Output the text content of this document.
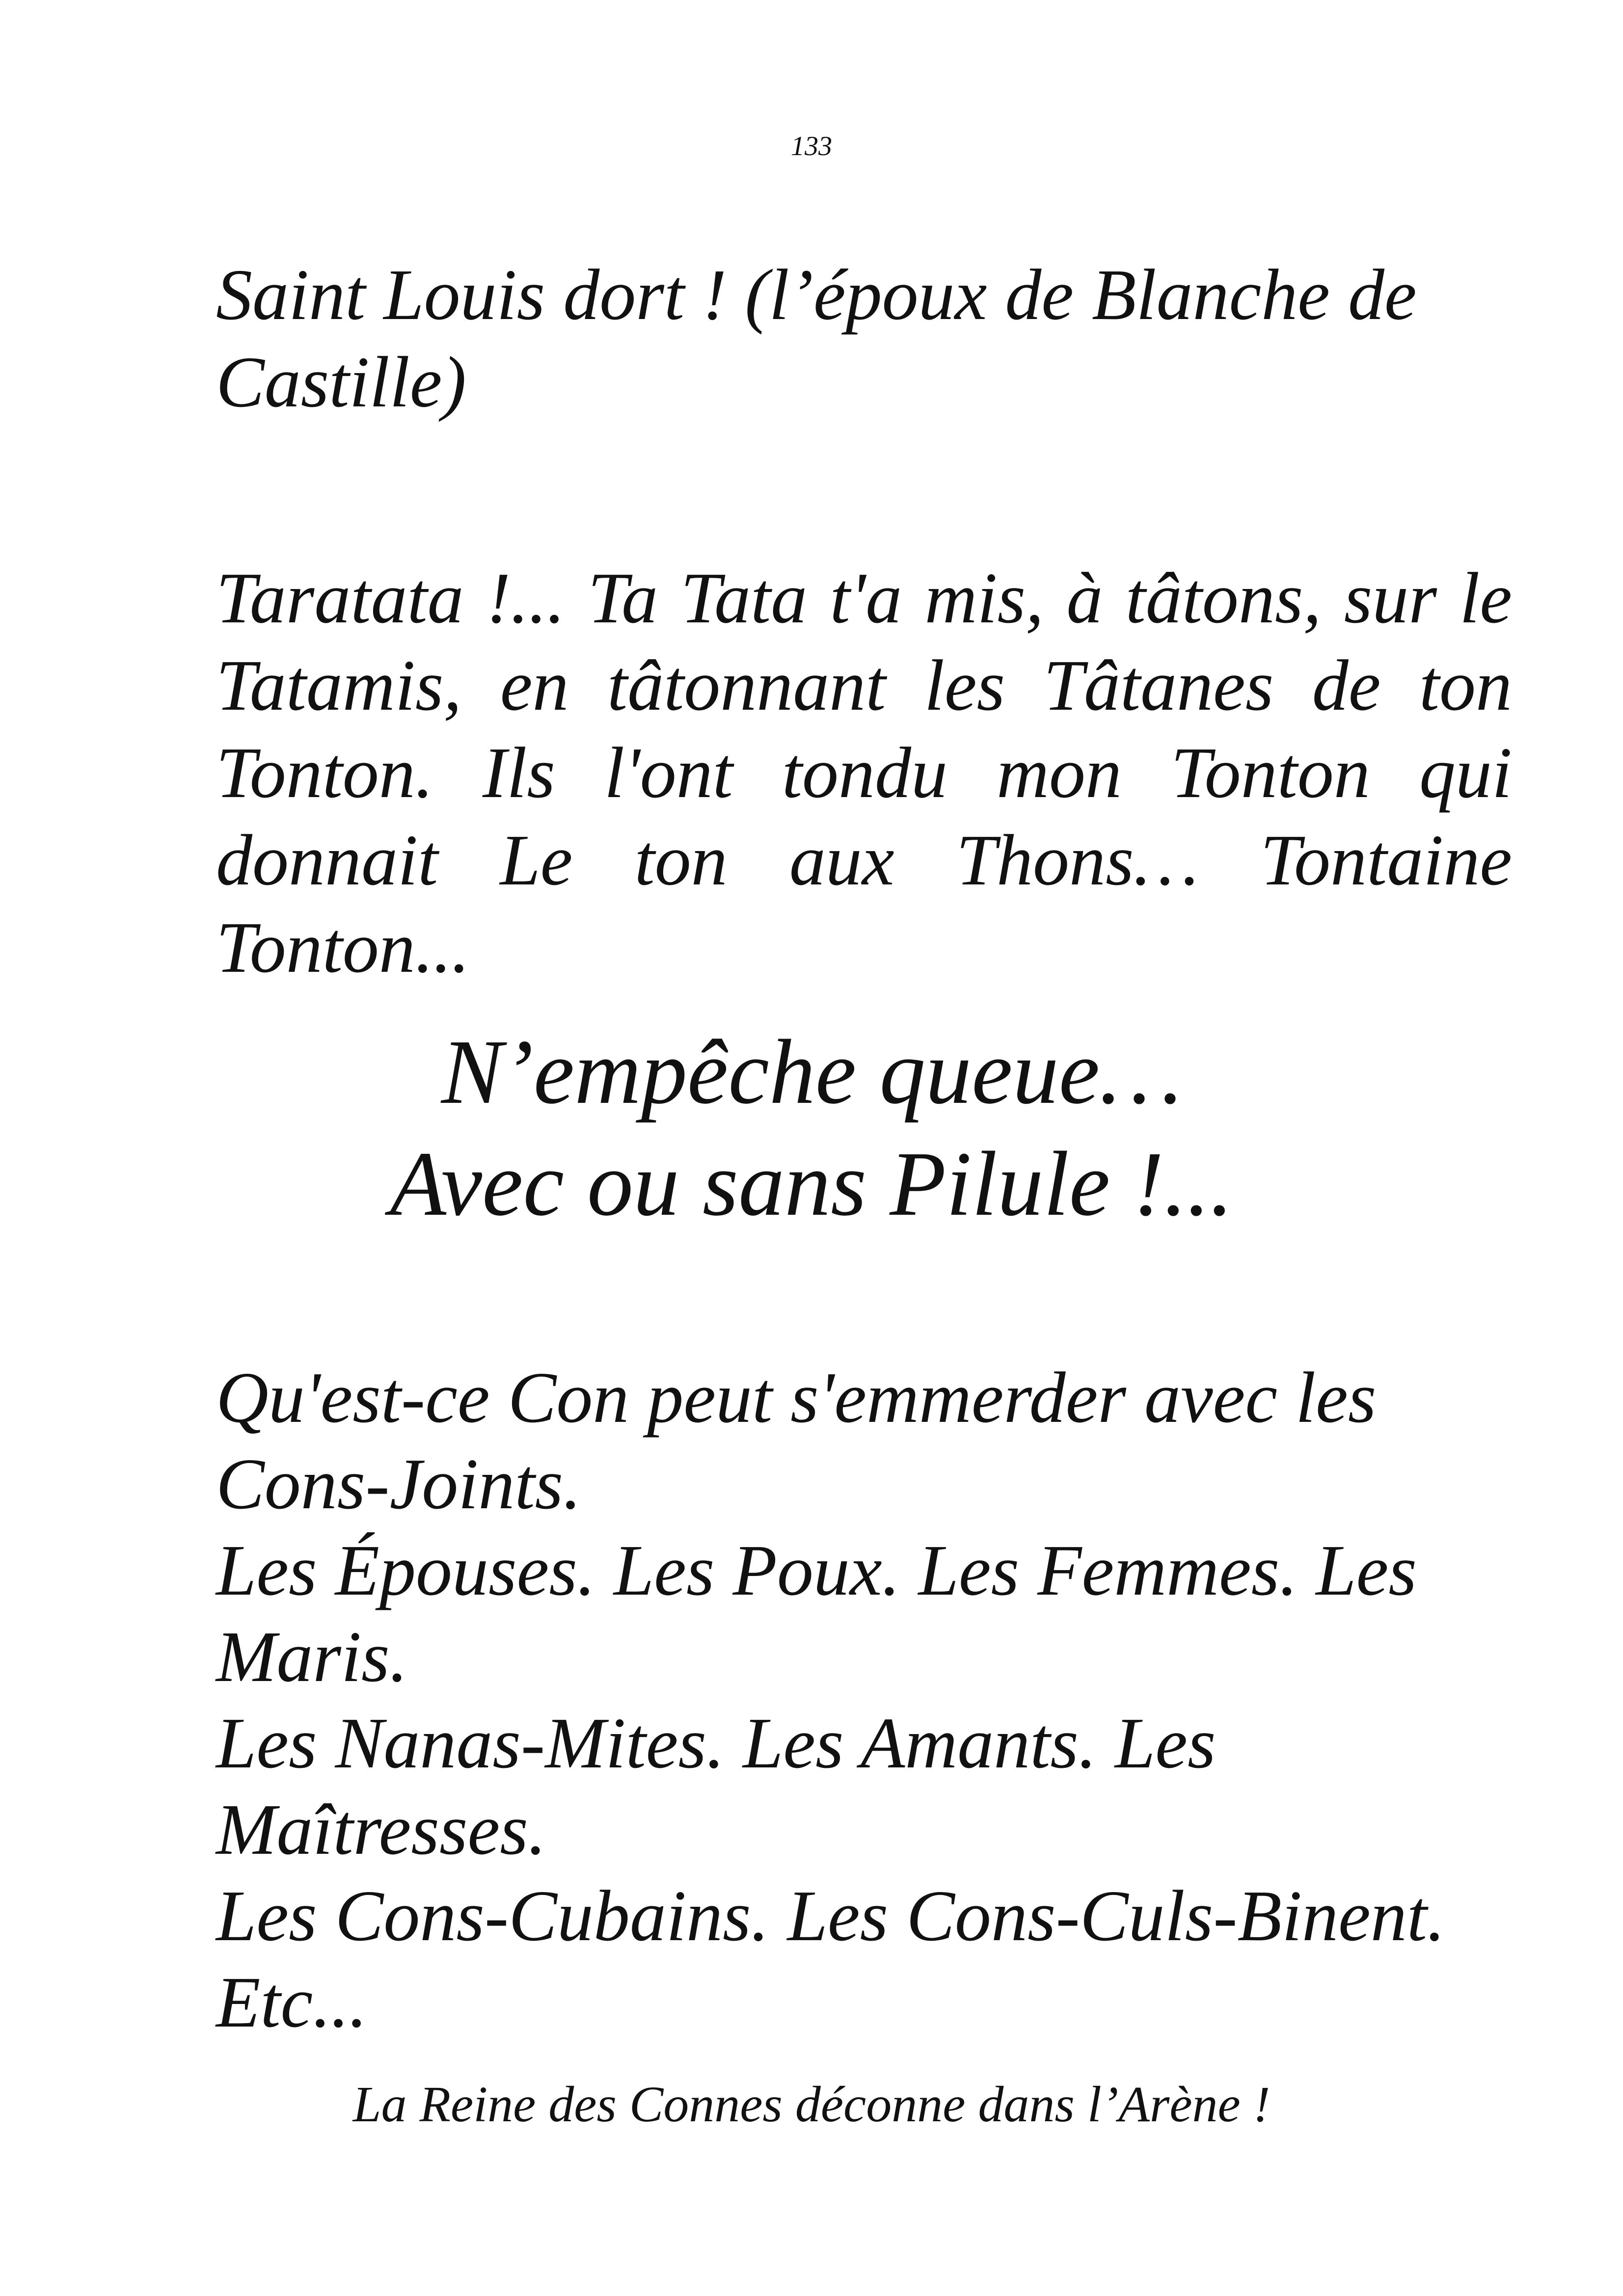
133

Saint Louis dort ! (l’époux de Blanche de Castille)

Taratata !... Ta Tata t'a mis, à tâtons, sur le Tatamis, en tâtonnant les Tâtanes de ton Tonton. Ils l'ont tondu mon Tonton qui donnait Le ton aux Thons… Tontaine Tonton...

N’empêche queue…

Avec ou sans Pilule !...

Qu'est-ce Con peut s'emmerder avec les Cons-Joints.
Les Épouses. Les Poux. Les Femmes. Les Maris.
Les Nanas-Mites. Les Amants. Les Maîtresses.
Les Cons-Cubains. Les Cons-Culs-Binent. Etc...
La Reine des Connes déconne dans l’Arène !
